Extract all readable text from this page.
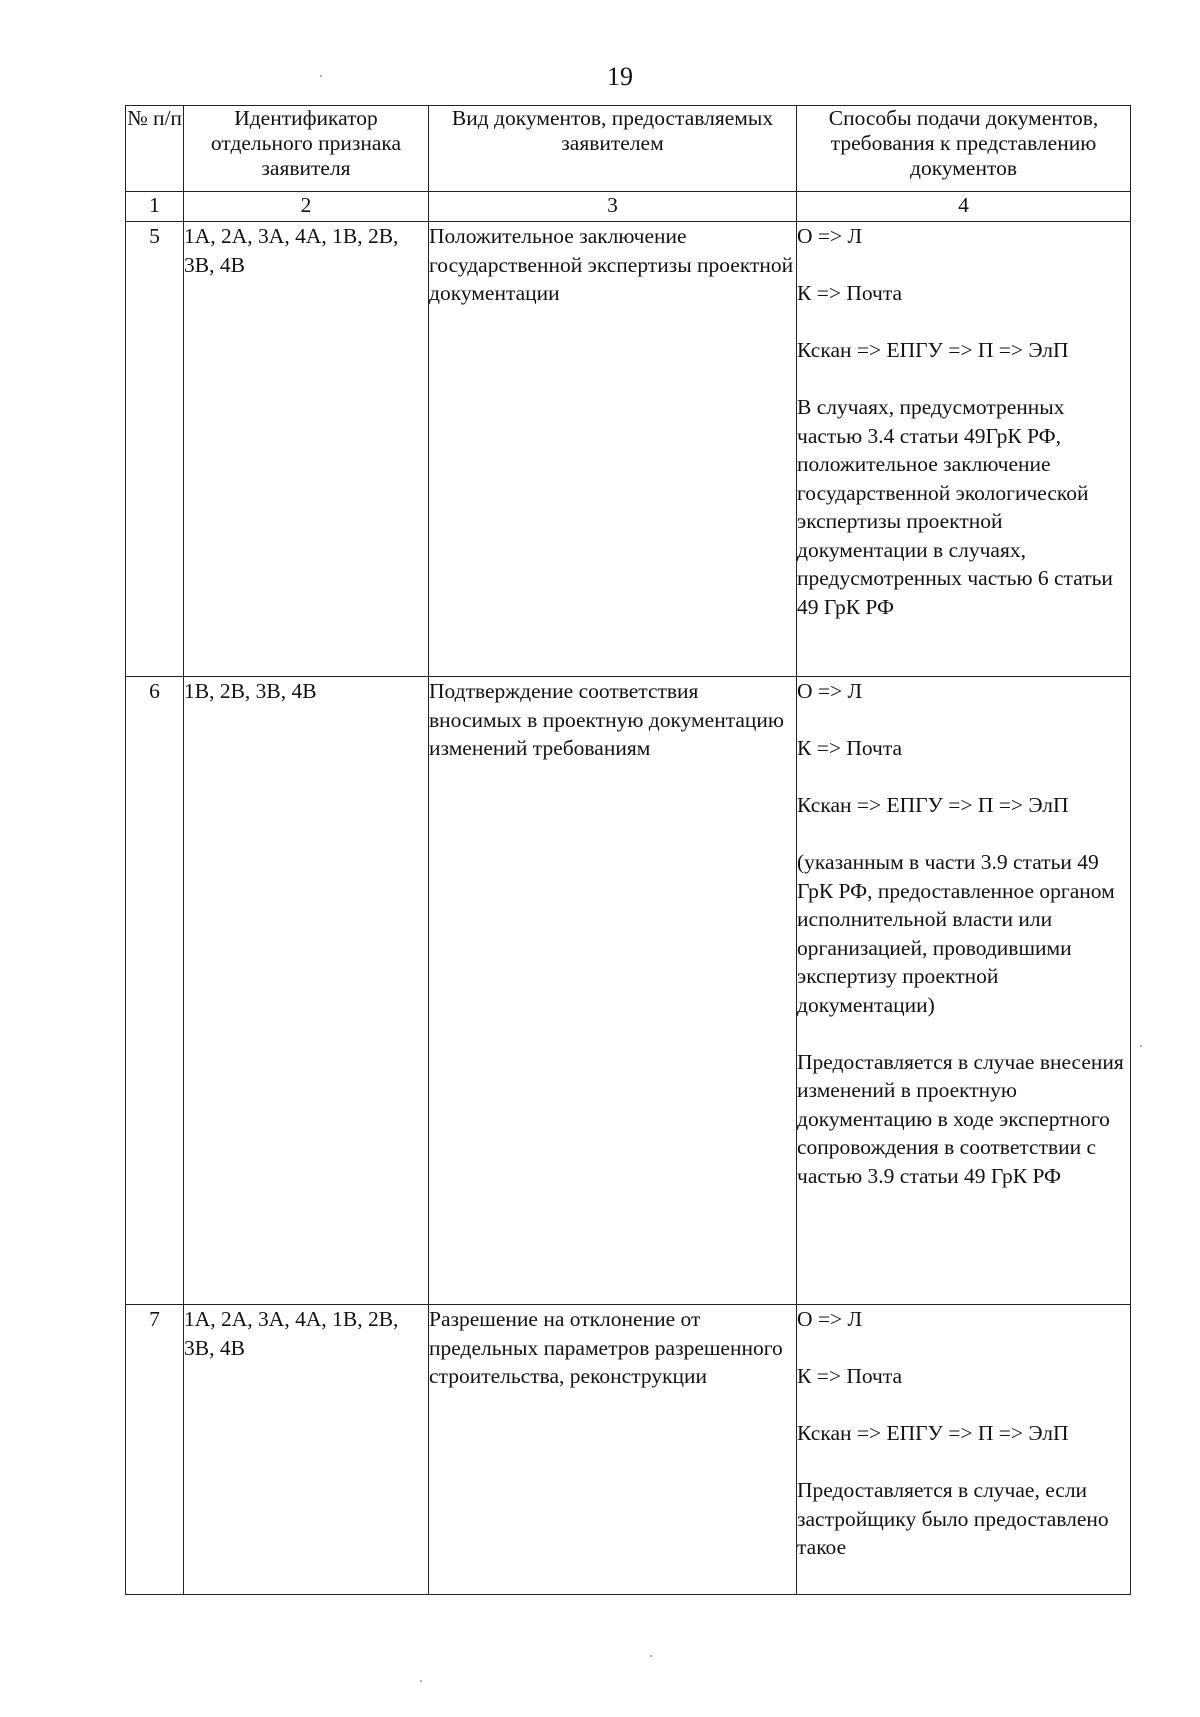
19
№ п/п	Идентификатор отдельного признака заявителя	Вид документов, предоставляемых заявителем	Способы подачи документов, требования к представлению документов
1	2	3	4
5	1А, 2А, 3А, 4А, 1В, 2В, 3В, 4В	Положительное заключение государственной экспертизы проектной документации	О => Л

К => Почта

Кскан => ЕПГУ => П => ЭлП

В случаях, предусмотренных частью 3.4 статьи 49ГрК РФ, положительное заключение государственной экологической экспертизы проектной документации в случаях, предусмотренных частью 6 статьи 49 ГрК РФ

6	1В, 2В, 3В, 4В	Подтверждение соответствия вносимых в проектную документацию изменений требованиям	О => Л

К => Почта

Кскан => ЕПГУ => П => ЭлП

(указанным в части 3.9 статьи 49 ГрК РФ, предоставленное органом исполнительной власти или организацией, проводившими экспертизу проектной документации)

Предоставляется в случае внесения изменений в проектную документацию в ходе экспертного сопровождения в соответствии с частью 3.9 статьи 49 ГрК РФ

7	1А, 2А, 3А, 4А, 1В, 2В, 3В, 4В	Разрешение на отклонение от предельных параметров разрешенного строительства, реконструкции	О => Л

К => Почта

Кскан => ЕПГУ => П => ЭлП

Предоставляется в случае, если застройщику было предоставлено такое
